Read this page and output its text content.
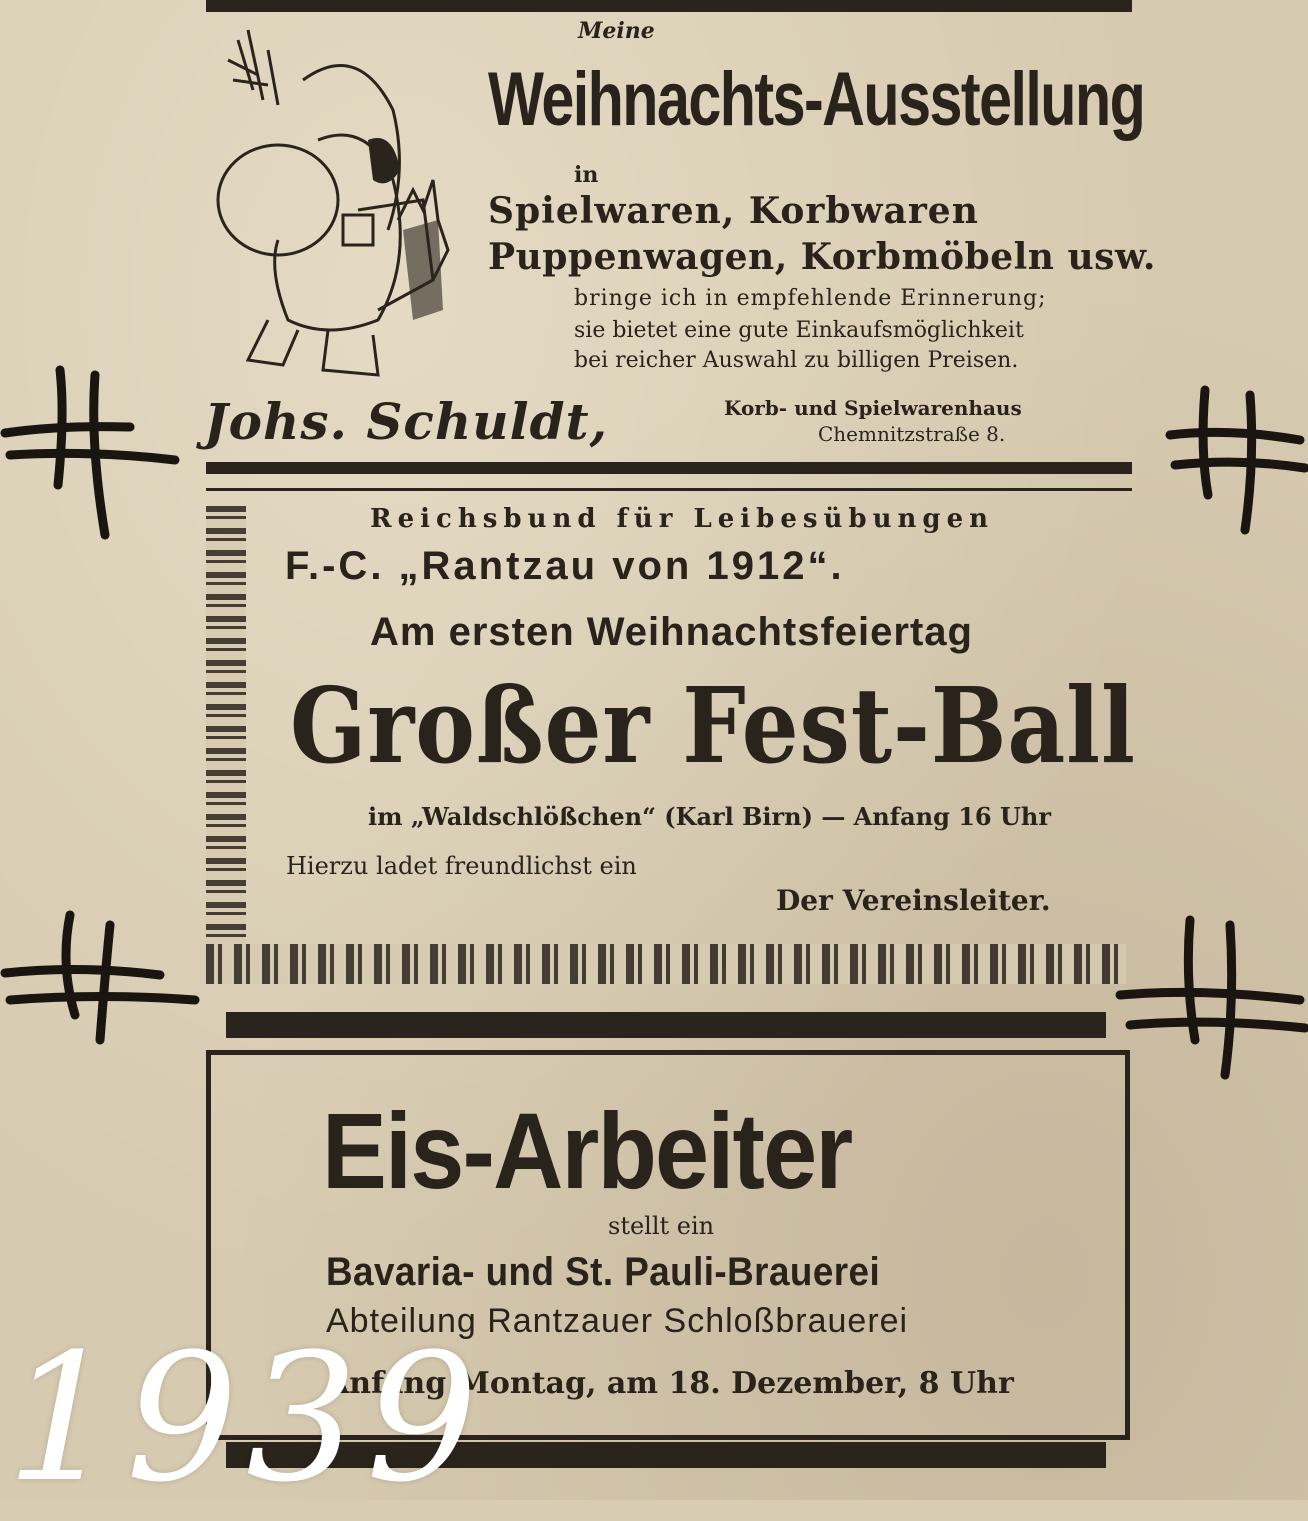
Meine
Weihnachts-Ausstellung
in
Spielwaren, Korbwaren
Puppenwagen, Korbmöbeln usw.
bringe ich in empfehlende Erinnerung;
sie bietet eine gute Einkaufsmöglichkeit
bei reicher Auswahl zu billigen Preisen.
Johs. Schuldt,	Korb- und Spielwarenhaus
Chemnitzstraße 8.
Reichsbund für Leibesübungen
F.-C. „Rantzau von 1912“.
Am ersten Weihnachtsfeiertag
Großer Fest-Ball
im „Waldschlößchen“ (Karl Birn) — Anfang 16 Uhr
Hierzu ladet freundlichst ein
Der Vereinsleiter.
Eis-Arbeiter
stellt ein
Bavaria- und St. Pauli-Brauerei
Abteilung Rantzauer Schloßbrauerei
Anfang Montag, am 18. Dezember, 8 Uhr
1939
